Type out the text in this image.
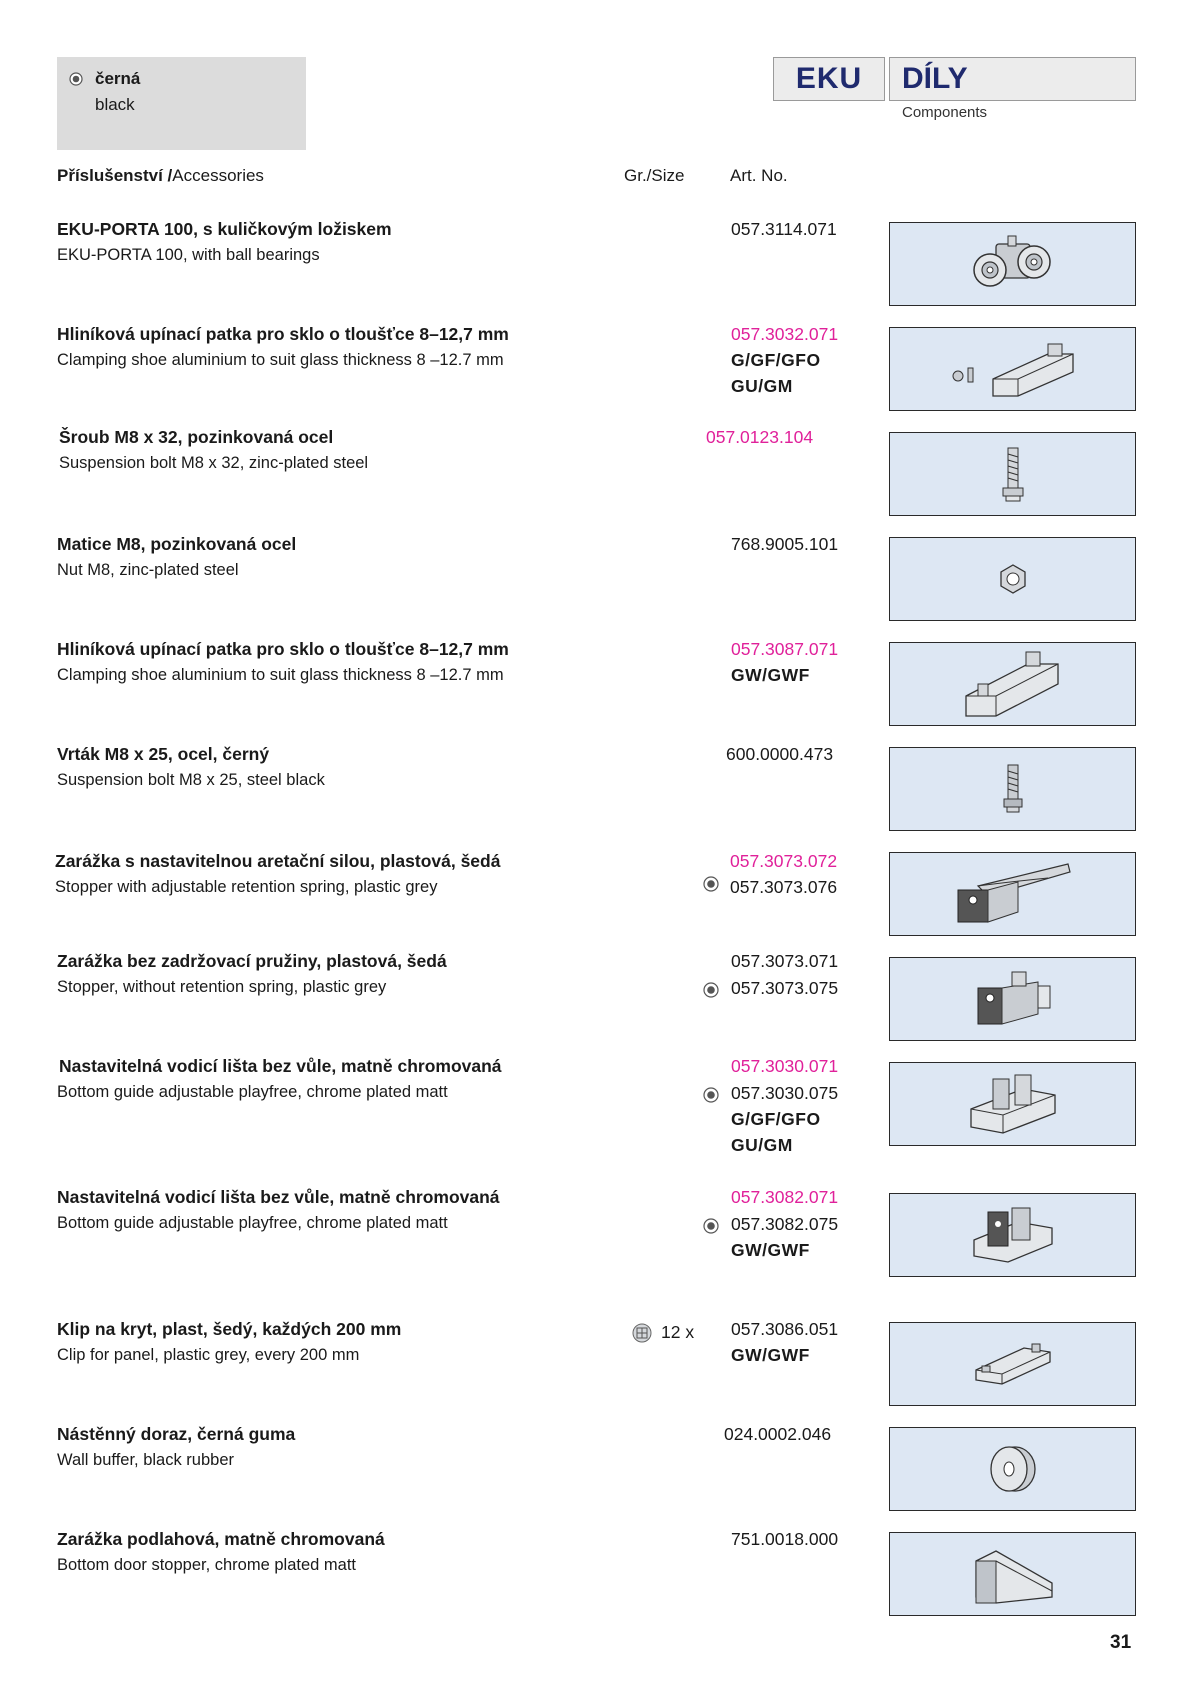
černá
black
EKU	DÍLY
Components
Příslušenství /Accessories	Gr./Size	Art. No.
EKU-PORTA 100, s kuličkovým ložiskem
EKU-PORTA 100, with ball bearings
057.3114.071
Hliníková upínací patka pro sklo o tloušťce 8–12,7 mm
Clamping shoe aluminium to suit glass thickness 8 –12.7 mm
057.3032.071
G/GF/GFO
GU/GM
Šroub M8 x 32, pozinkovaná ocel
Suspension bolt M8 x 32, zinc-plated steel
057.0123.104
Matice M8, pozinkovaná ocel
Nut M8, zinc-plated steel
768.9005.101
Hliníková upínací patka pro sklo o tloušťce 8–12,7 mm
Clamping shoe aluminium to suit glass thickness 8 –12.7 mm
057.3087.071
GW/GWF
Vrták M8 x 25, ocel, černý
Suspension bolt M8 x 25, steel black
600.0000.473
Zarážka s nastavitelnou aretační silou, plastová, šedá
Stopper with adjustable retention spring, plastic grey
057.3073.072
057.3073.076
Zarážka bez zadržovací pružiny, plastová, šedá
Stopper, without retention spring, plastic grey
057.3073.071
057.3073.075
Nastavitelná vodicí lišta bez vůle, matně chromovaná
Bottom guide adjustable playfree, chrome plated matt
057.3030.071
057.3030.075
G/GF/GFO
GU/GM
Nastavitelná vodicí lišta bez vůle, matně chromovaná
Bottom guide adjustable playfree, chrome plated matt
057.3082.071
057.3082.075
GW/GWF
Klip na kryt, plast, šedý, každých 200 mm
Clip for panel, plastic grey, every 200 mm
12 x 057.3086.051
GW/GWF
Nástěnný doraz, černá guma
Wall buffer, black rubber
024.0002.046
Zarážka podlahová, matně chromovaná
Bottom door stopper, chrome plated matt
751.0018.000
31
